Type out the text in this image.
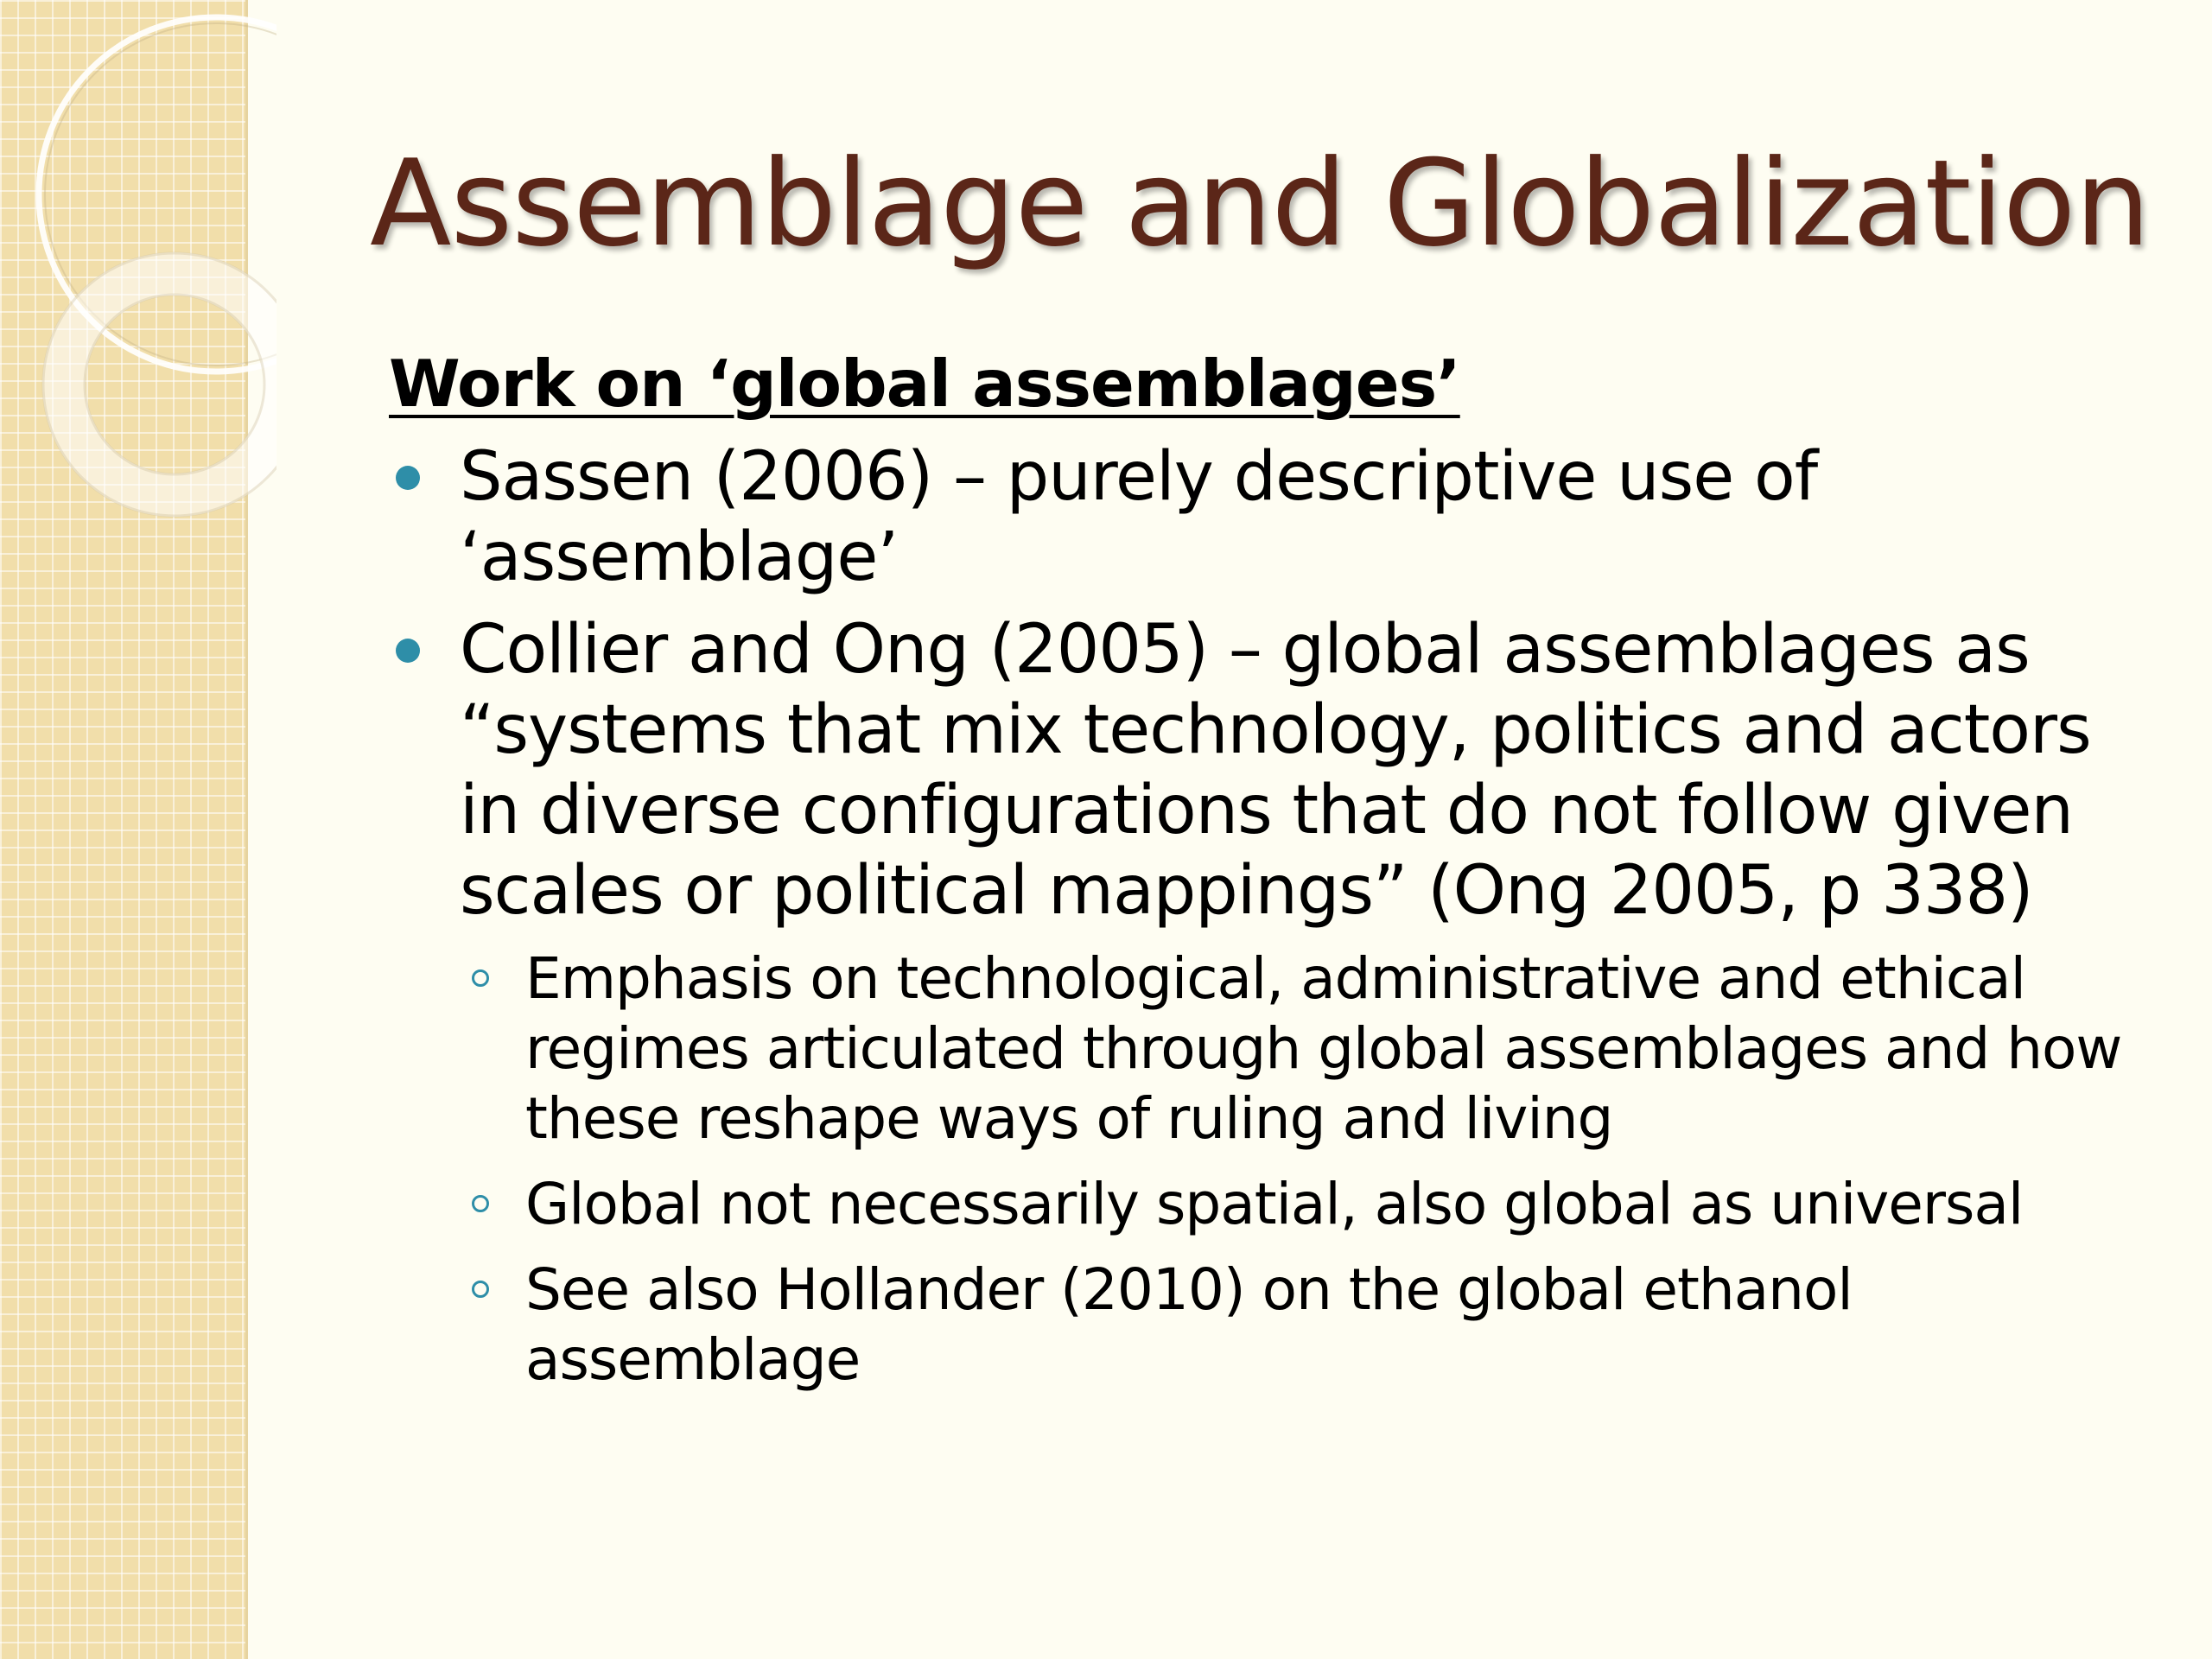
Assemblage and Globalization
Work on ‘global assemblages’
Sassen (2006) – purely descriptive use of ‘assemblage’
Collier and Ong (2005) – global assemblages as “systems that mix technology, politics and actors in diverse configurations that do not follow given scales or political mappings” (Ong 2005, p 338)
Emphasis on technological, administrative and ethical regimes articulated through global assemblages and how these reshape ways of ruling and living
Global not necessarily spatial, also global as universal
See also Hollander (2010) on the global ethanol assemblage
